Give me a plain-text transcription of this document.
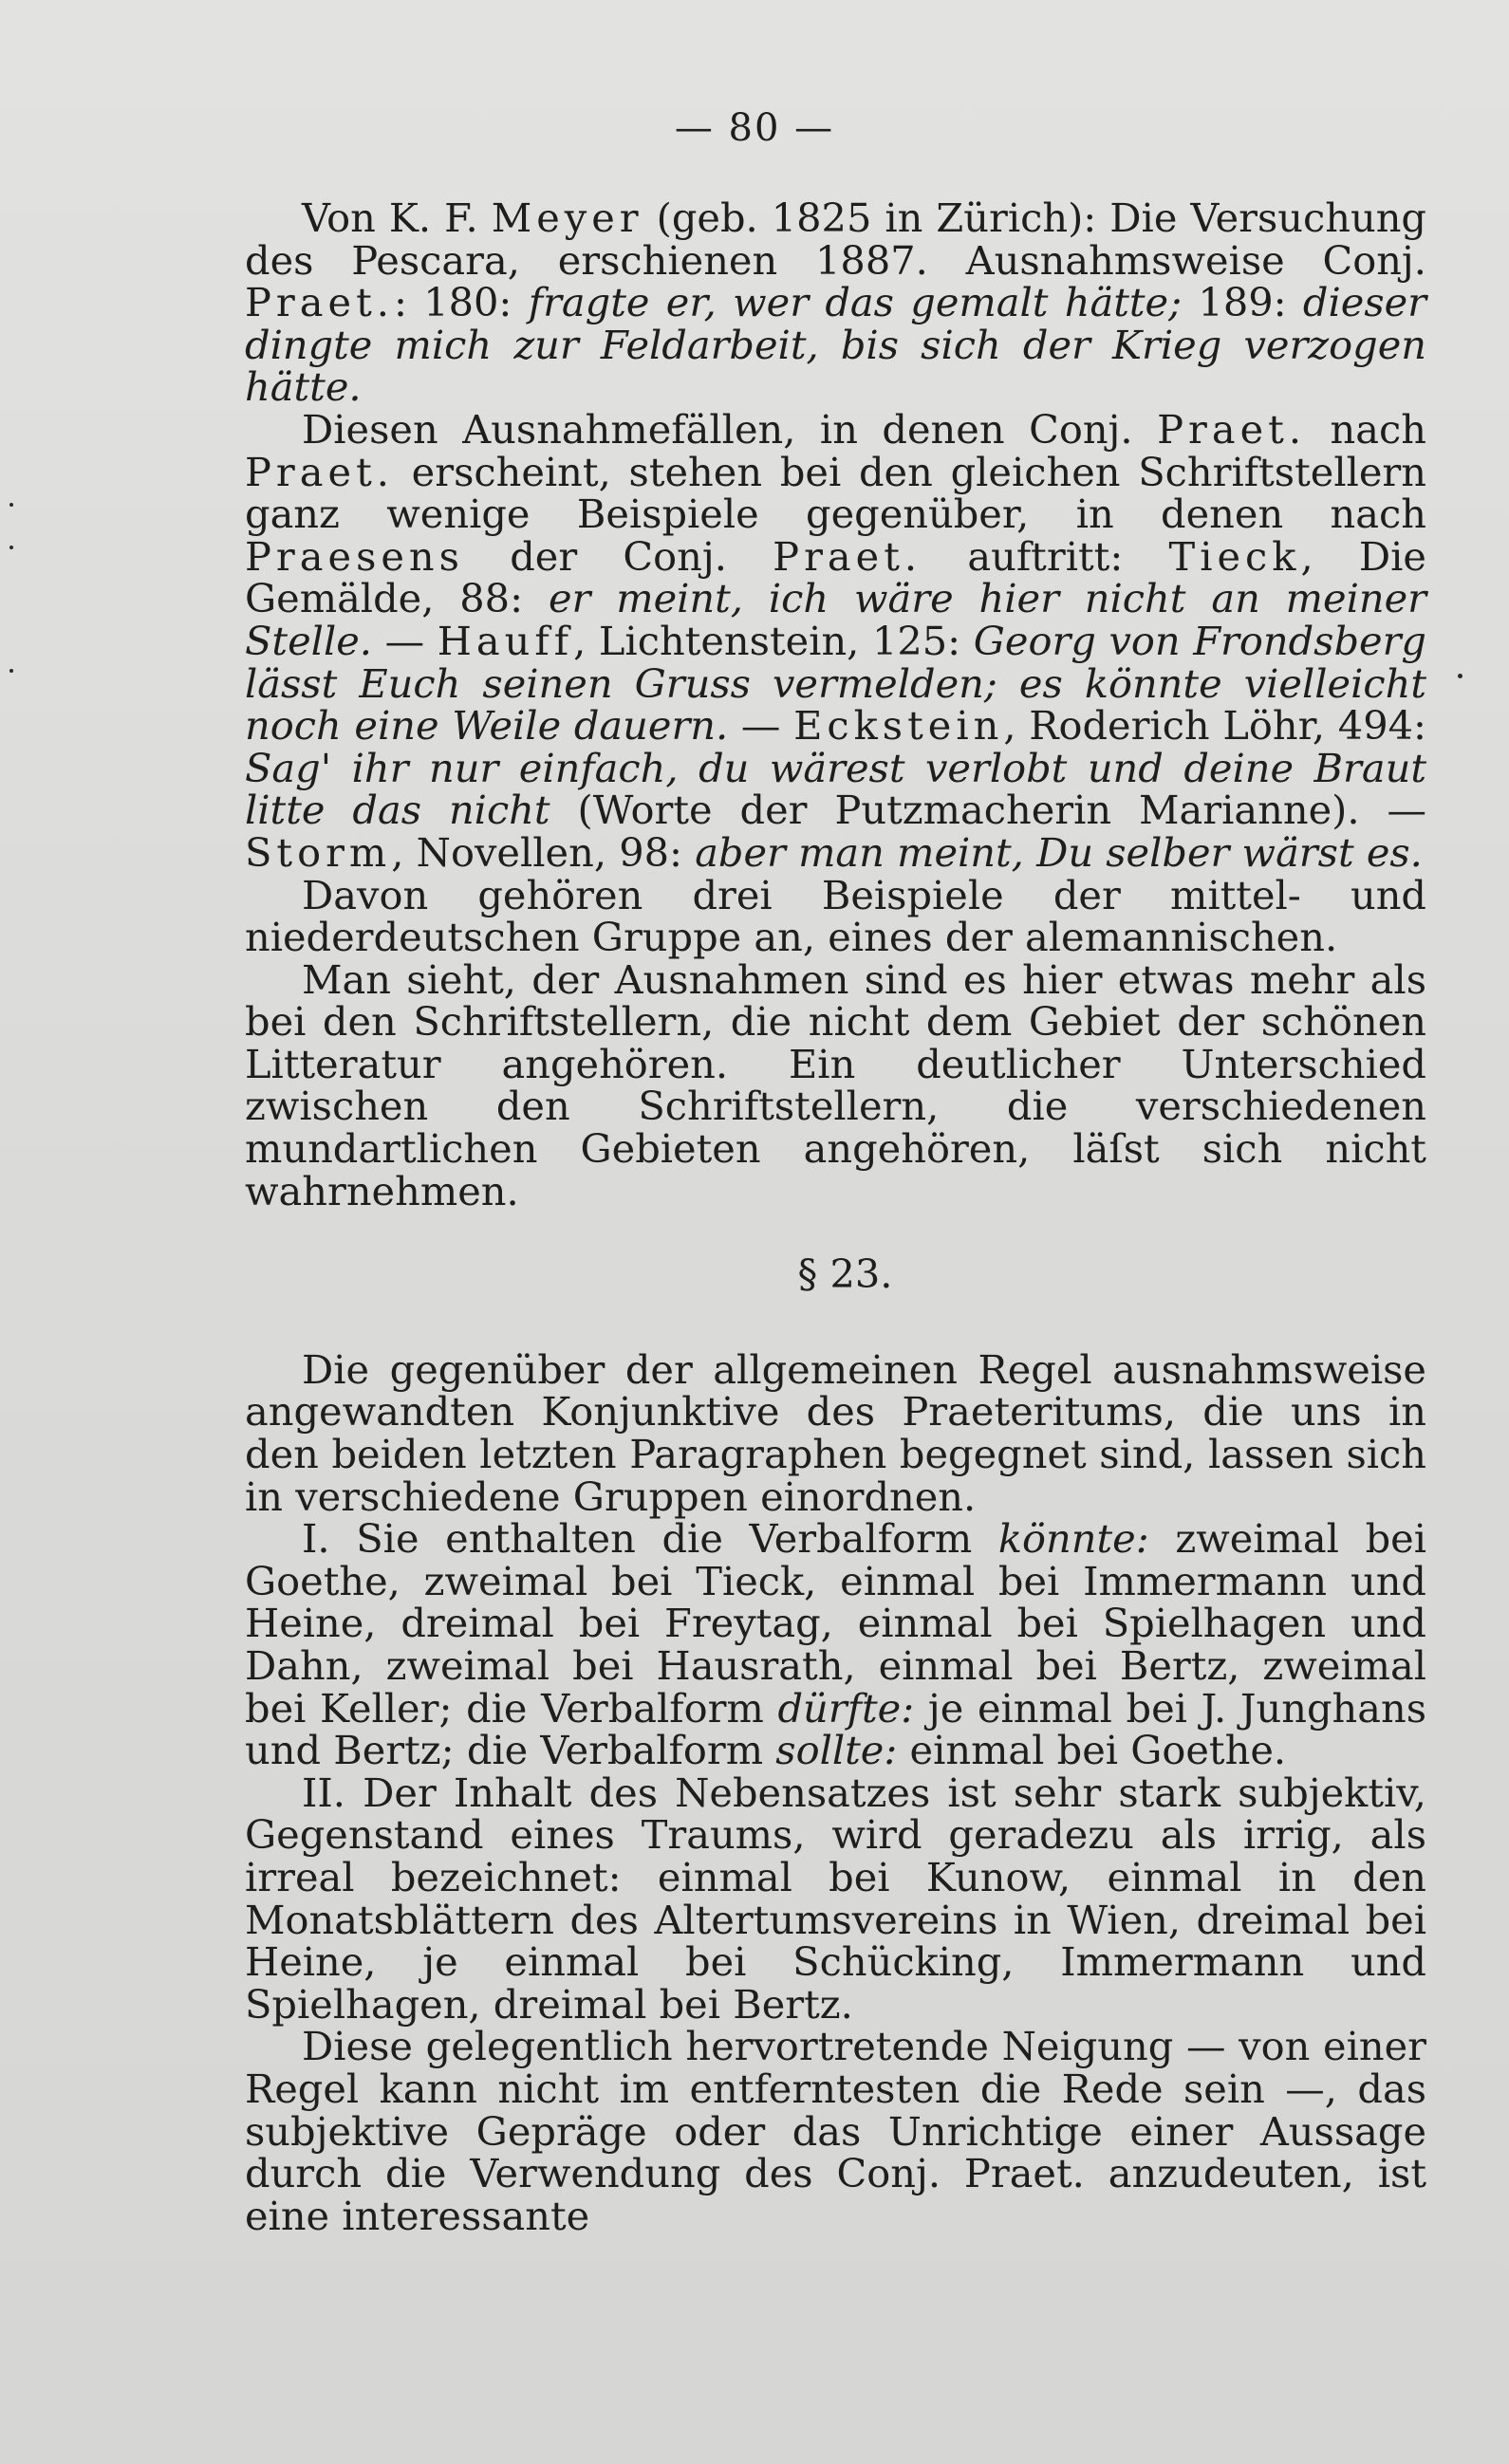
— 80 —

Von K. F. Meyer (geb. 1825 in Zürich): Die Versuchung des Pescara, erschienen 1887. Ausnahmsweise Conj. Praet.: 180: fragte er, wer das gemalt hätte; 189: dieser dingte mich zur Feldarbeit, bis sich der Krieg verzogen hätte.

Diesen Ausnahmefällen, in denen Conj. Praet. nach Praet. erscheint, stehen bei den gleichen Schriftstellern ganz wenige Beispiele gegenüber, in denen nach Praesens der Conj. Praet. auftritt: Tieck, Die Gemälde, 88: er meint, ich wäre hier nicht an meiner Stelle. — Hauff, Lichtenstein, 125: Georg von Frondsberg lässt Euch seinen Gruss vermelden; es könnte vielleicht noch eine Weile dauern. — Eckstein, Roderich Löhr, 494: Sag' ihr nur einfach, du wärest verlobt und deine Braut litte das nicht (Worte der Putzmacherin Marianne). — Storm, Novellen, 98: aber man meint, Du selber wärst es.

Davon gehören drei Beispiele der mittel- und niederdeutschen Gruppe an, eines der alemannischen.

Man sieht, der Ausnahmen sind es hier etwas mehr als bei den Schriftstellern, die nicht dem Gebiet der schönen Litteratur angehören. Ein deutlicher Unterschied zwischen den Schriftstellern, die verschiedenen mundartlichen Gebieten angehören, läſst sich nicht wahrnehmen.

§ 23.

Die gegenüber der allgemeinen Regel ausnahmsweise angewandten Konjunktive des Praeteritums, die uns in den beiden letzten Paragraphen begegnet sind, lassen sich in verschiedene Gruppen einordnen.

I. Sie enthalten die Verbalform könnte: zweimal bei Goethe, zweimal bei Tieck, einmal bei Immermann und Heine, dreimal bei Freytag, einmal bei Spielhagen und Dahn, zweimal bei Hausrath, einmal bei Bertz, zweimal bei Keller; die Verbalform dürfte: je einmal bei J. Junghans und Bertz; die Verbalform sollte: einmal bei Goethe.

II. Der Inhalt des Nebensatzes ist sehr stark subjektiv, Gegenstand eines Traums, wird geradezu als irrig, als irreal bezeichnet: einmal bei Kunow, einmal in den Monatsblättern des Altertumsvereins in Wien, dreimal bei Heine, je einmal bei Schücking, Immermann und Spielhagen, dreimal bei Bertz.

Diese gelegentlich hervortretende Neigung — von einer Regel kann nicht im entferntesten die Rede sein —, das subjektive Gepräge oder das Unrichtige einer Aussage durch die Verwendung des Conj. Praet. anzudeuten, ist eine interessante
